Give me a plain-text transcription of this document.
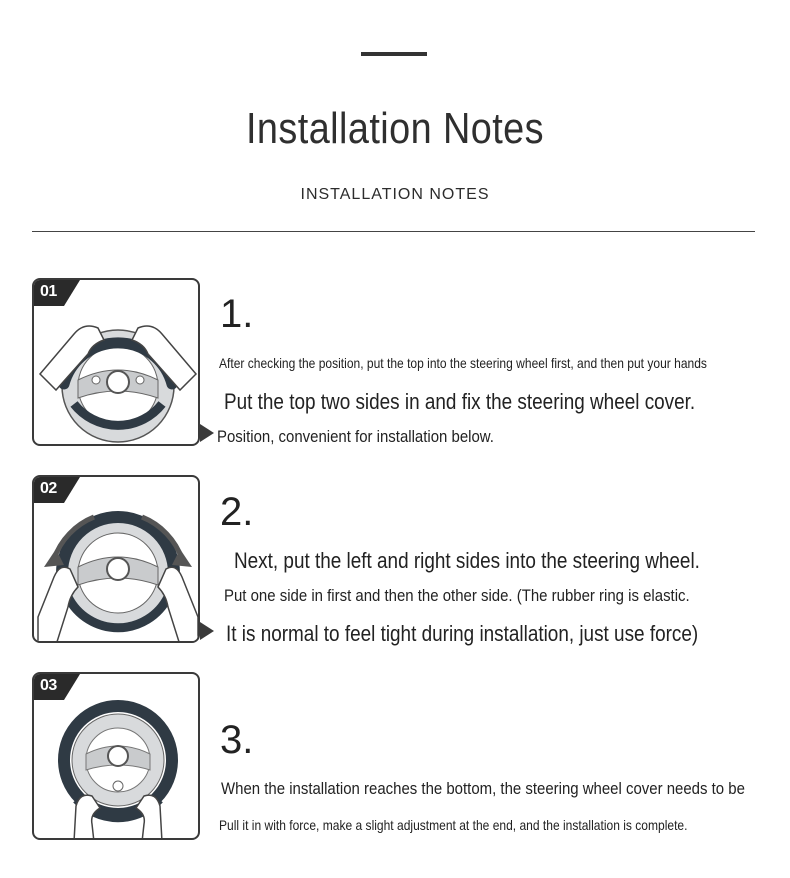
Installation Notes
INSTALLATION NOTES
01
1.
After checking the position, put the top into the steering wheel first, and then put your hands
Put the top two sides in and fix the steering wheel cover.
Position, convenient for installation below.
02
2.
Next, put the left and right sides into the steering wheel.
Put one side in first and then the other side. (The rubber ring is elastic.
It is normal to feel tight during installation, just use force)
03
3.
When the installation reaches the bottom, the steering wheel cover needs to be
Pull it in with force, make a slight adjustment at the end, and the installation is complete.
